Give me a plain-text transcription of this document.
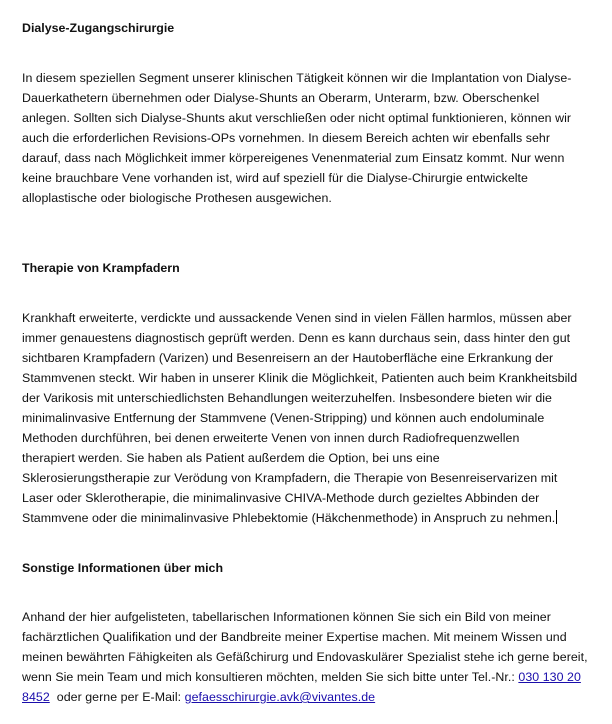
Dialyse-Zugangschirurgie
In diesem speziellen Segment unserer klinischen Tätigkeit können wir die Implantation von Dialyse-
Dauerkathetern übernehmen oder Dialyse-Shunts an Oberarm, Unterarm, bzw. Oberschenkel
anlegen. Sollten sich Dialyse-Shunts akut verschließen oder nicht optimal funktionieren, können wir
auch die erforderlichen Revisions-OPs vornehmen. In diesem Bereich achten wir ebenfalls sehr
darauf, dass nach Möglichkeit immer körpereigenes Venenmaterial zum Einsatz kommt. Nur wenn
keine brauchbare Vene vorhanden ist, wird auf speziell für die Dialyse-Chirurgie entwickelte
alloplastische oder biologische Prothesen ausgewichen.
Therapie von Krampfadern
Krankhaft erweiterte, verdickte und aussackende Venen sind in vielen Fällen harmlos, müssen aber
immer genauestens diagnostisch geprüft werden. Denn es kann durchaus sein, dass hinter den gut
sichtbaren Krampfadern (Varizen) und Besenreisern an der Hautoberfläche eine Erkrankung der
Stammvenen steckt. Wir haben in unserer Klinik die Möglichkeit, Patienten auch beim Krankheitsbild
der Varikosis mit unterschiedlichsten Behandlungen weiterzuhelfen. Insbesondere bieten wir die
minimalinvasive Entfernung der Stammvene (Venen-Stripping) und können auch endoluminale
Methoden durchführen, bei denen erweiterte Venen von innen durch Radiofrequenzwellen
therapiert werden. Sie haben als Patient außerdem die Option, bei uns eine
Sklerosierungstherapie zur Verödung von Krampfadern, die Therapie von Besenreiservarizen mit
Laser oder Sklerotherapie, die minimalinvasive CHIVA-Methode durch gezieltes Abbinden der
Stammvene oder die minimalinvasive Phlebektomie (Häkchenmethode) in Anspruch zu nehmen.
Sonstige Informationen über mich
Anhand der hier aufgelisteten, tabellarischen Informationen können Sie sich ein Bild von meiner
fachärztlichen Qualifikation und der Bandbreite meiner Expertise machen. Mit meinem Wissen und
meinen bewährten Fähigkeiten als Gefäßchirurg und Endovaskulärer Spezialist stehe ich gerne bereit,
wenn Sie mein Team und mich konsultieren möchten, melden Sie sich bitte unter Tel.-Nr.: 030 130 20
8452  oder gerne per E-Mail: gefaesschirurgie.avk@vivantes.de
